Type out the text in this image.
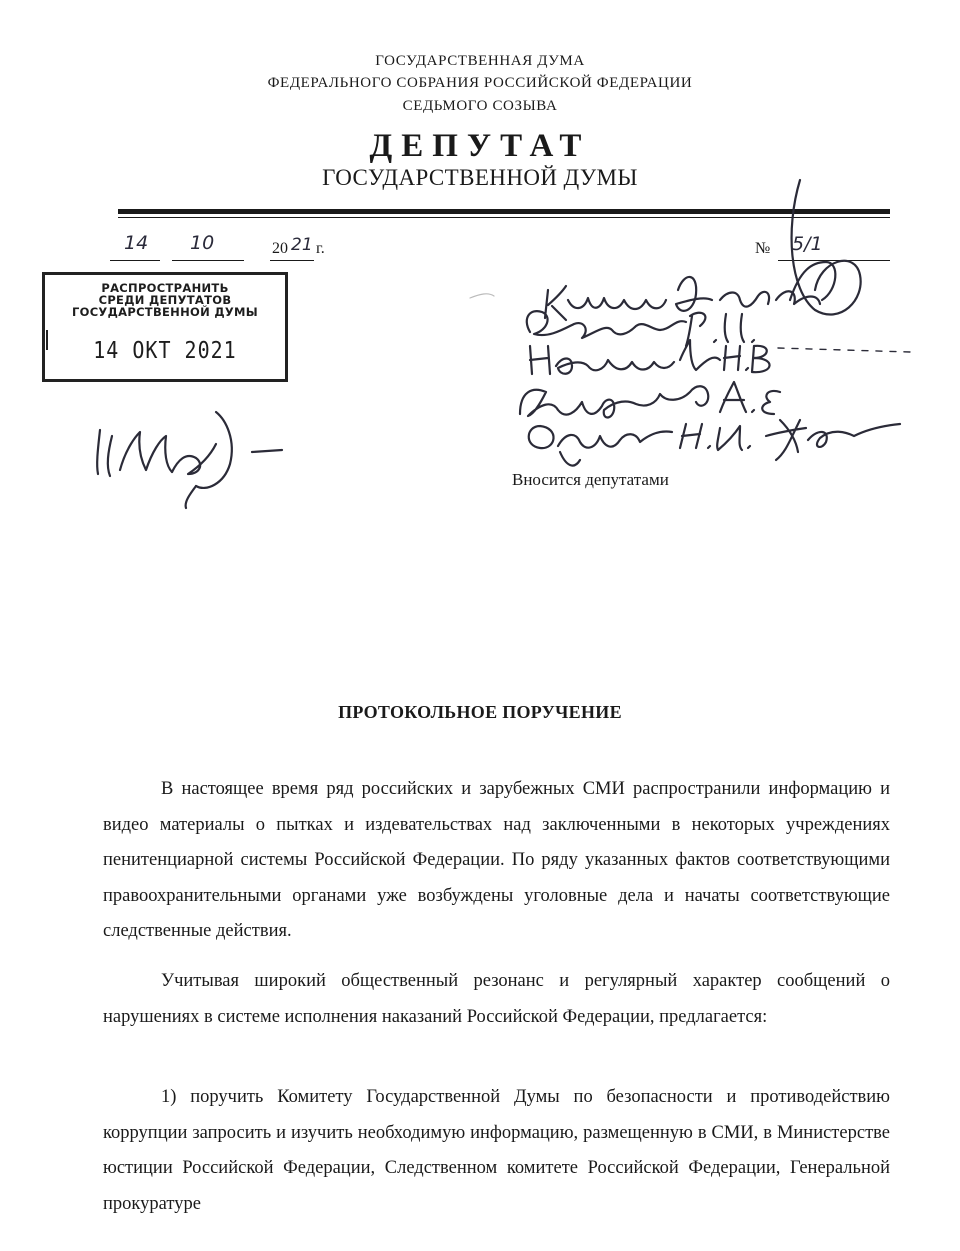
ГОСУДАРСТВЕННАЯ ДУМА
ФЕДЕРАЛЬНОГО СОБРАНИЯ РОССИЙСКОЙ ФЕДЕРАЦИИ
СЕДЬМОГО СОЗЫВА
ДЕПУТАТ
ГОСУДАРСТВЕННОЙ ДУМЫ
14 10	20 21 г.	№ 5/1
РАСПРОСТРАНИТЬ
СРЕДИ ДЕПУТАТОВ
ГОСУДАРСТВЕННОЙ ДУМЫ
14 ОКТ 2021
Вносится депутатами
ПРОТОКОЛЬНОЕ ПОРУЧЕНИЕ
В настоящее время ряд российских и зарубежных СМИ распространили информацию и видео материалы о пытках и издевательствах над заключенными в некоторых учреждениях пенитенциарной системы Российской Федерации. По ряду указанных фактов соответствующими правоохранительными органами уже возбуждены уголовные дела и начаты соответствующие следственные действия.
Учитывая широкий общественный резонанс и регулярный характер сообщений о нарушениях в системе исполнения наказаний Российской Федерации, предлагается:
1) поручить Комитету Государственной Думы по безопасности и противодействию коррупции запросить и изучить необходимую информацию, размещенную в СМИ, в Министерстве юстиции Российской Федерации, Следственном комитете Российской Федерации, Генеральной прокуратуре
